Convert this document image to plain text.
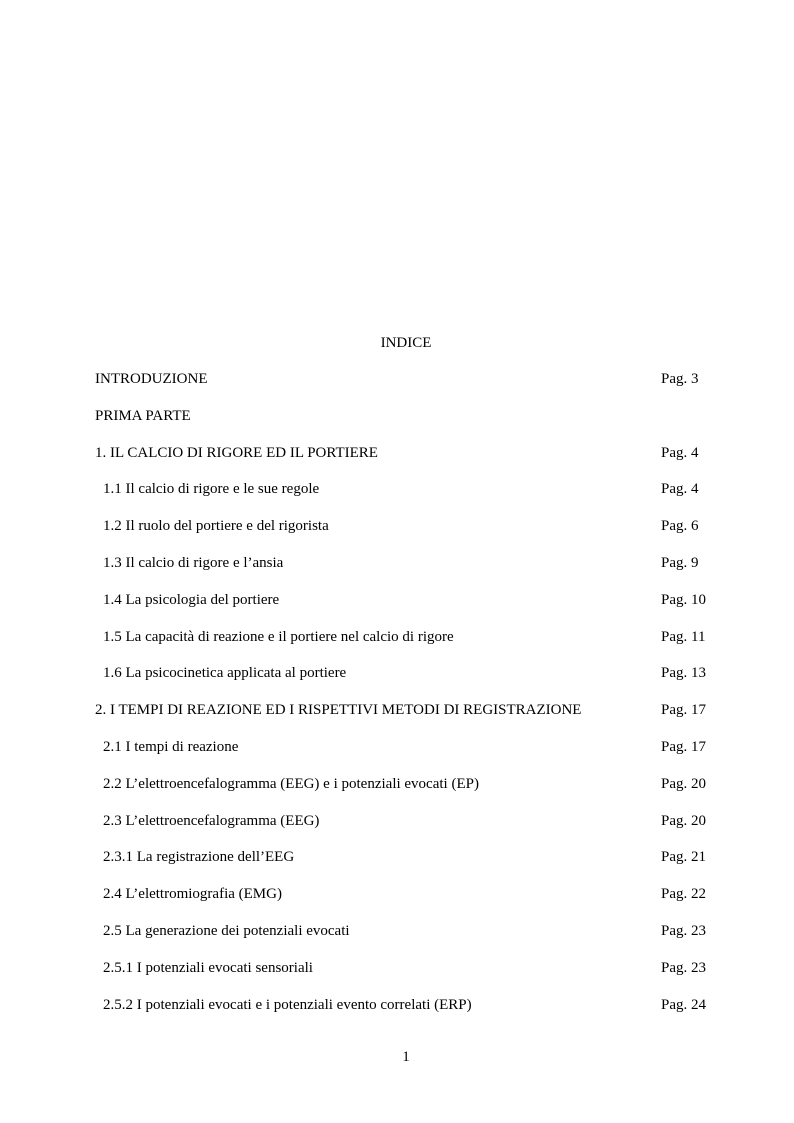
INDICE
INTRODUZIONE	Pag. 3
PRIMA PARTE
1. IL CALCIO DI RIGORE ED IL PORTIERE	Pag. 4
1.1 Il calcio di rigore e le sue regole	Pag. 4
1.2 Il ruolo del portiere e del rigorista	Pag. 6
1.3 Il calcio di rigore e l’ansia	Pag. 9
1.4 La psicologia del portiere	Pag. 10
1.5 La capacità di reazione e il portiere nel calcio di rigore	Pag. 11
1.6 La psicocinetica applicata al portiere	Pag. 13
2. I TEMPI DI REAZIONE ED I RISPETTIVI METODI DI REGISTRAZIONE	Pag. 17
2.1 I tempi di reazione	Pag. 17
2.2 L’elettroencefalogramma (EEG) e i potenziali evocati (EP)	Pag. 20
2.3 L’elettroencefalogramma (EEG)	Pag. 20
2.3.1 La registrazione dell’EEG	Pag. 21
2.4 L’elettromiografia (EMG)	Pag. 22
2.5 La generazione dei potenziali evocati	Pag. 23
2.5.1 I potenziali evocati sensoriali	Pag. 23
2.5.2 I potenziali evocati e i potenziali evento correlati (ERP)	Pag. 24
1
